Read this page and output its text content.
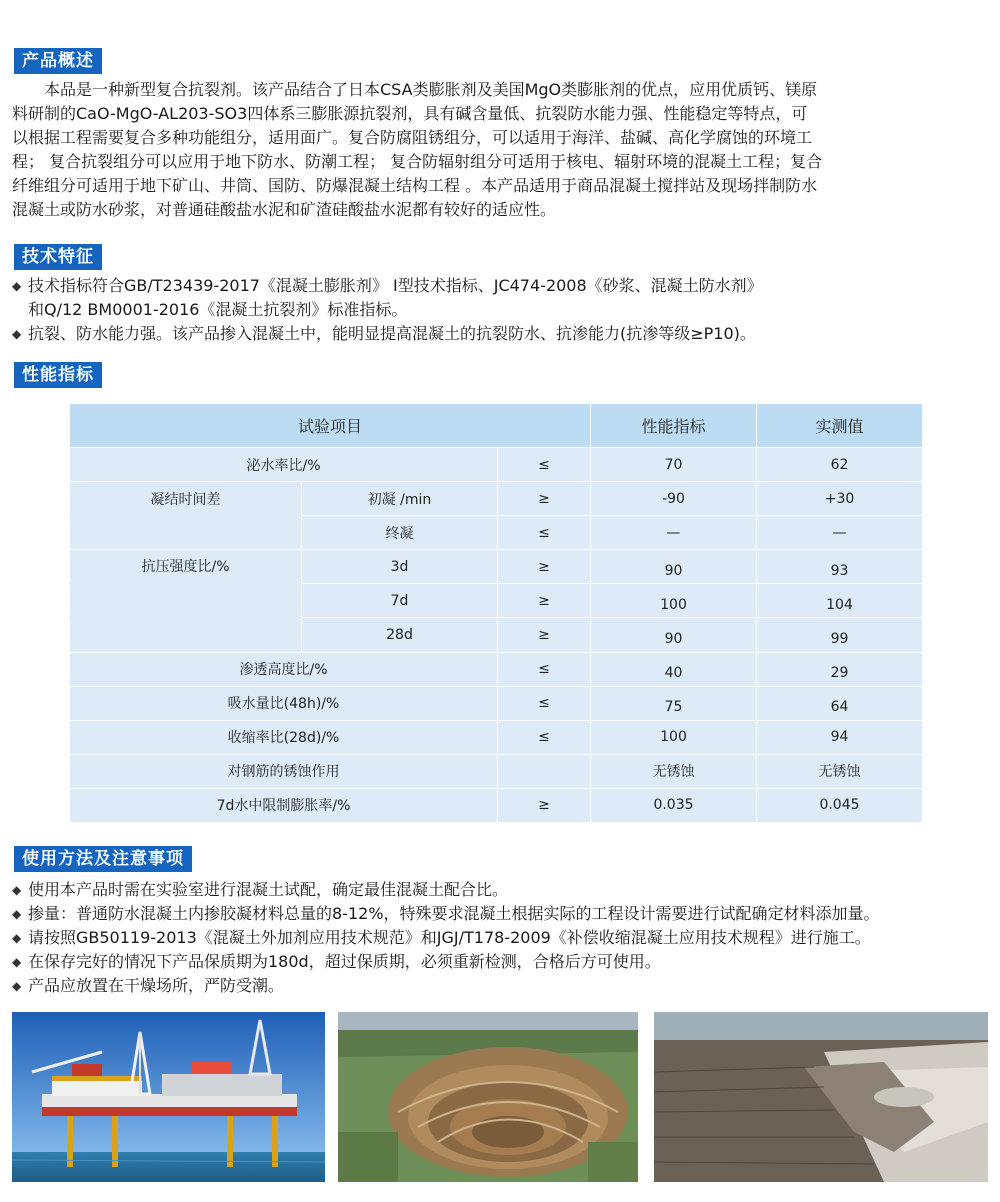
产品概述
　　本品是一种新型复合抗裂剂。该产品结合了日本CSA类膨胀剂及美国MgO类膨胀剂的优点，应用优质钙、镁原
料研制的CaO-MgO-AL203-SO3四体系三膨胀源抗裂剂，具有碱含量低、抗裂防水能力强、性能稳定等特点，可
以根据工程需要复合多种功能组分，适用面广。复合防腐阻锈组分，可以适用于海洋、盐碱、高化学腐蚀的环境工
程； 复合抗裂组分可以应用于地下防水、防潮工程； 复合防辐射组分可适用于核电、辐射环境的混凝土工程；复合
纤维组分可适用于地下矿山、井筒、国防、防爆混凝土结构工程 。本产品适用于商品混凝土搅拌站及现场拌制防水
混凝土或防水砂浆，对普通硅酸盐水泥和矿渣硅酸盐水泥都有较好的适应性。
技术特征
◆ 技术指标符合GB/T23439-2017《混凝土膨胀剂》 I型技术指标、JC474-2008《砂浆、混凝土防水剂》
和Q/12 BM0001-2016《混凝土抗裂剂》标准指标。
◆ 抗裂、防水能力强。该产品掺入混凝土中，能明显提高混凝土的抗裂防水、抗渗能力(抗渗等级≥P10)。
性能指标
试验项目			性能指标	实测值
泌水率比/%		≤	70	62
凝结时间差	初凝 /min	≥	-90	+30
	终凝	≤	—	—
抗压强度比/%	3d	≥	90	93
	7d	≥	100	104
	28d	≥	90	99
渗透高度比/%		≤	40	29
吸水量比(48h)/%		≤	75	64
收缩率比(28d)/%		≤	100	94
对钢筋的锈蚀作用			无锈蚀	无锈蚀
7d水中限制膨胀率/%		≥	0.035	0.045
使用方法及注意事项
◆ 使用本产品时需在实验室进行混凝土试配，确定最佳混凝土配合比。
◆ 掺量：普通防水混凝土内掺胶凝材料总量的8-12%，特殊要求混凝土根据实际的工程设计需要进行试配确定材料添加量。
◆ 请按照GB50119-2013《混凝土外加剂应用技术规范》和JGJ/T178-2009《补偿收缩混凝土应用技术规程》进行施工。
◆ 在保存完好的情况下产品保质期为180d，超过保质期，必须重新检测，合格后方可使用。
◆ 产品应放置在干燥场所，严防受潮。
